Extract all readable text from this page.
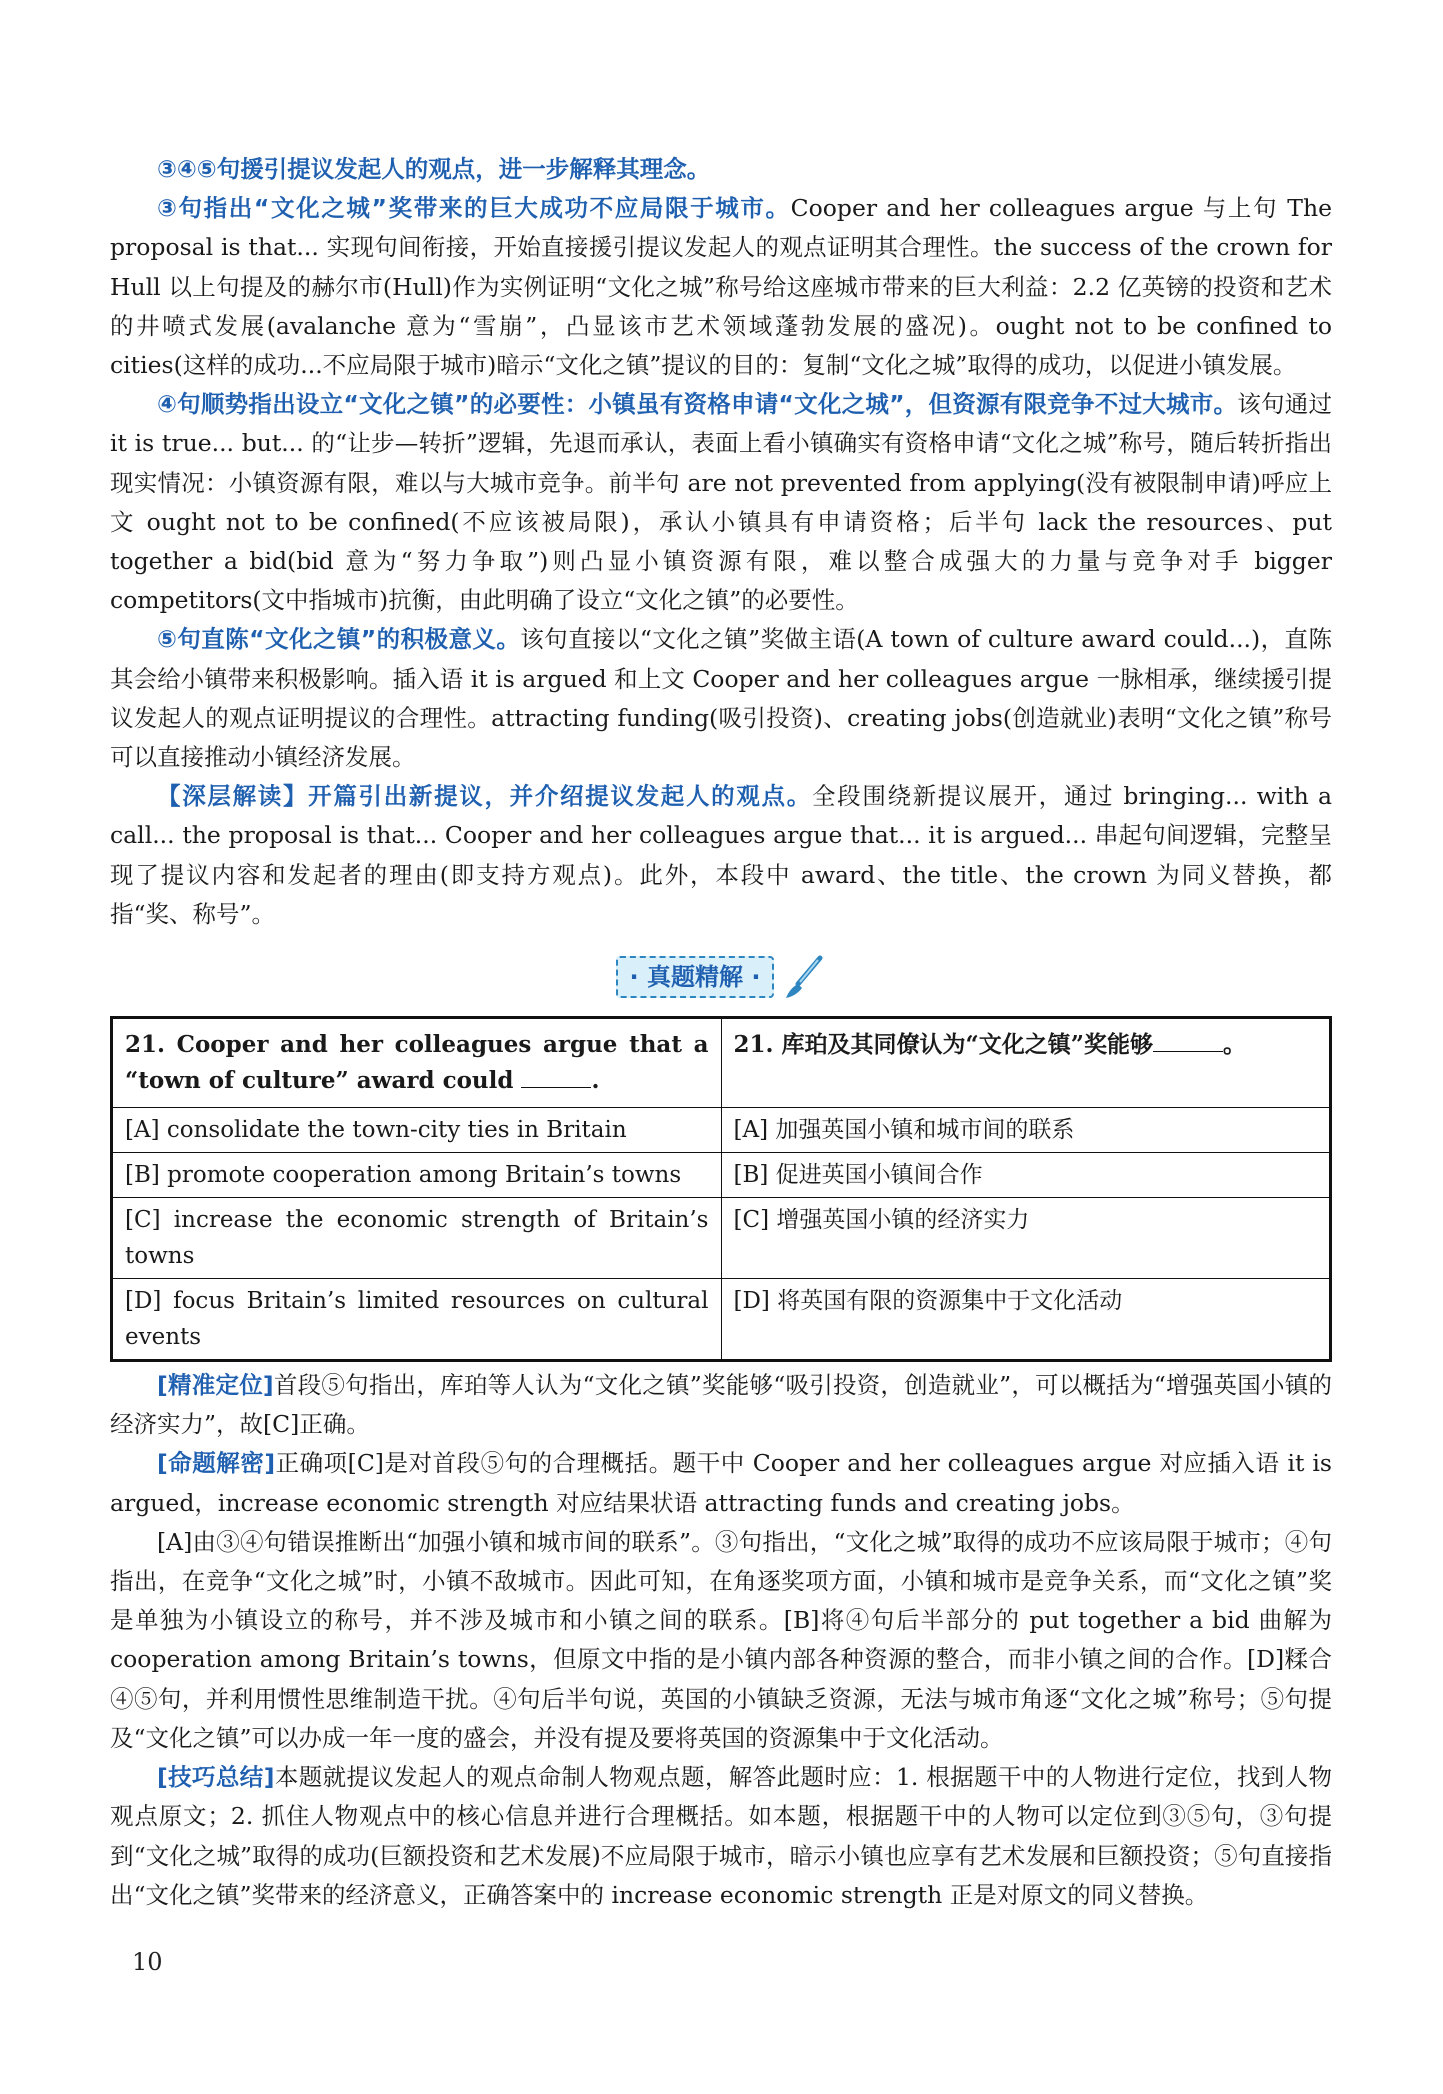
③④⑤句援引提议发起人的观点，进一步解释其理念。

③句指出“文化之城”奖带来的巨大成功不应局限于城市。Cooper and her colleagues argue 与上句 The proposal is that... 实现句间衔接，开始直接援引提议发起人的观点证明其合理性。the success of the crown for Hull 以上句提及的赫尔市(Hull)作为实例证明“文化之城”称号给这座城市带来的巨大利益：2.2 亿英镑的投资和艺术的井喷式发展(avalanche 意为“雪崩”，凸显该市艺术领域蓬勃发展的盛况)。ought not to be confined to cities(这样的成功...不应局限于城市)暗示“文化之镇”提议的目的：复制“文化之城”取得的成功，以促进小镇发展。

④句顺势指出设立“文化之镇”的必要性：小镇虽有资格申请“文化之城”，但资源有限竞争不过大城市。该句通过 it is true... but... 的“让步—转折”逻辑，先退而承认，表面上看小镇确实有资格申请“文化之城”称号，随后转折指出现实情况：小镇资源有限，难以与大城市竞争。前半句 are not prevented from applying(没有被限制申请)呼应上文 ought not to be confined(不应该被局限)，承认小镇具有申请资格；后半句 lack the resources、put together a bid(bid 意为“努力争取”)则凸显小镇资源有限，难以整合成强大的力量与竞争对手 bigger competitors(文中指城市)抗衡，由此明确了设立“文化之镇”的必要性。

⑤句直陈“文化之镇”的积极意义。该句直接以“文化之镇”奖做主语(A town of culture award could...)，直陈其会给小镇带来积极影响。插入语 it is argued 和上文 Cooper and her colleagues argue 一脉相承，继续援引提议发起人的观点证明提议的合理性。attracting funding(吸引投资)、creating jobs(创造就业)表明“文化之镇”称号可以直接推动小镇经济发展。

【深层解读】开篇引出新提议，并介绍提议发起人的观点。全段围绕新提议展开，通过 bringing... with a call... the proposal is that... Cooper and her colleagues argue that... it is argued... 串起句间逻辑，完整呈现了提议内容和发起者的理由(即支持方观点)。此外，本段中 award、the title、the crown 为同义替换，都指“奖、称号”。

· 真题精解 ·
21. Cooper and her colleagues argue that a “town of culture” award could .	21. 库珀及其同僚认为“文化之镇”奖能够 。
[A] consolidate the town-city ties in Britain	[A] 加强英国小镇和城市间的联系
[B] promote cooperation among Britain’s towns	[B] 促进英国小镇间合作
[C] increase the economic strength of Britain’s towns	[C] 增强英国小镇的经济实力
[D] focus Britain’s limited resources on cultural events	[D] 将英国有限的资源集中于文化活动

[精准定位]首段⑤句指出，库珀等人认为“文化之镇”奖能够“吸引投资，创造就业”，可以概括为“增强英国小镇的经济实力”，故[C]正确。

[命题解密]正确项[C]是对首段⑤句的合理概括。题干中 Cooper and her colleagues argue 对应插入语 it is argued，increase economic strength 对应结果状语 attracting funds and creating jobs。

[A]由③④句错误推断出“加强小镇和城市间的联系”。③句指出，“文化之城”取得的成功不应该局限于城市；④句指出，在竞争“文化之城”时，小镇不敌城市。因此可知，在角逐奖项方面，小镇和城市是竞争关系，而“文化之镇”奖是单独为小镇设立的称号，并不涉及城市和小镇之间的联系。[B]将④句后半部分的 put together a bid 曲解为 cooperation among Britain’s towns，但原文中指的是小镇内部各种资源的整合，而非小镇之间的合作。[D]糅合④⑤句，并利用惯性思维制造干扰。④句后半句说，英国的小镇缺乏资源，无法与城市角逐“文化之城”称号；⑤句提及“文化之镇”可以办成一年一度的盛会，并没有提及要将英国的资源集中于文化活动。

[技巧总结]本题就提议发起人的观点命制人物观点题，解答此题时应：1. 根据题干中的人物进行定位，找到人物观点原文；2. 抓住人物观点中的核心信息并进行合理概括。如本题，根据题干中的人物可以定位到③⑤句，③句提到“文化之城”取得的成功(巨额投资和艺术发展)不应局限于城市，暗示小镇也应享有艺术发展和巨额投资；⑤句直接指出“文化之镇”奖带来的经济意义，正确答案中的 increase economic strength 正是对原文的同义替换。

10
